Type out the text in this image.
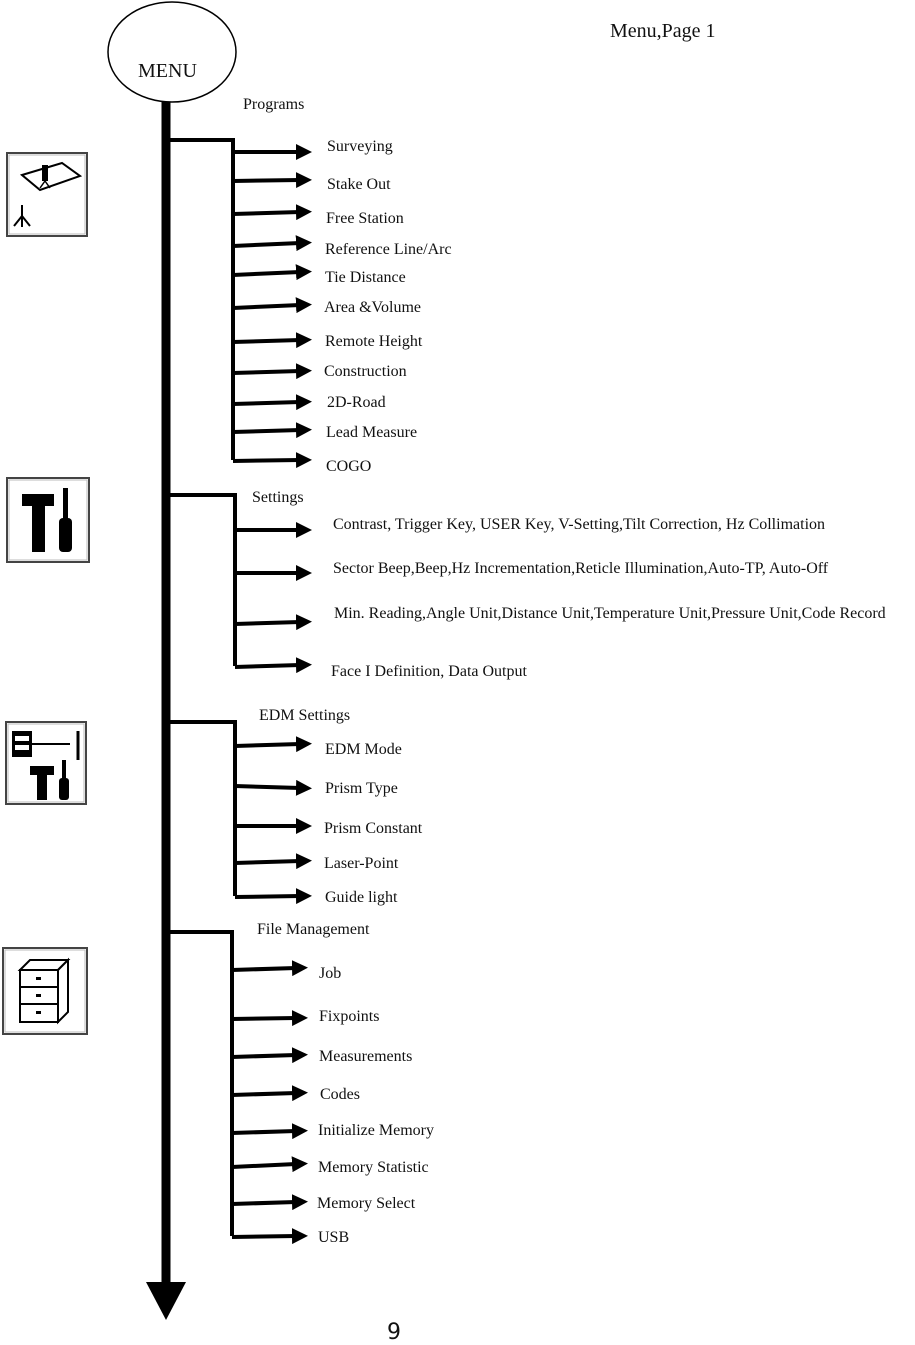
Menu,Page 1
MENU
9
Programs
Surveying
Stake Out
Free Station
Reference Line/Arc
Tie Distance
Area &Volume
Remote Height
Construction
2D-Road
Lead Measure
COGO
Settings
Contrast, Trigger Key, USER Key, V-Setting,Tilt Correction, Hz Collimation
Sector Beep,Beep,Hz Incrementation,Reticle Illumination,Auto-TP, Auto-Off
Min. Reading,Angle Unit,Distance Unit,Temperature Unit,Pressure Unit,Code Record
Face I Definition, Data Output
EDM Settings
EDM Mode
Prism Type
Prism Constant
Laser-Point
Guide light
File Management
Job
Fixpoints
Measurements
Codes
Initialize Memory
Memory Statistic
Memory Select
USB
